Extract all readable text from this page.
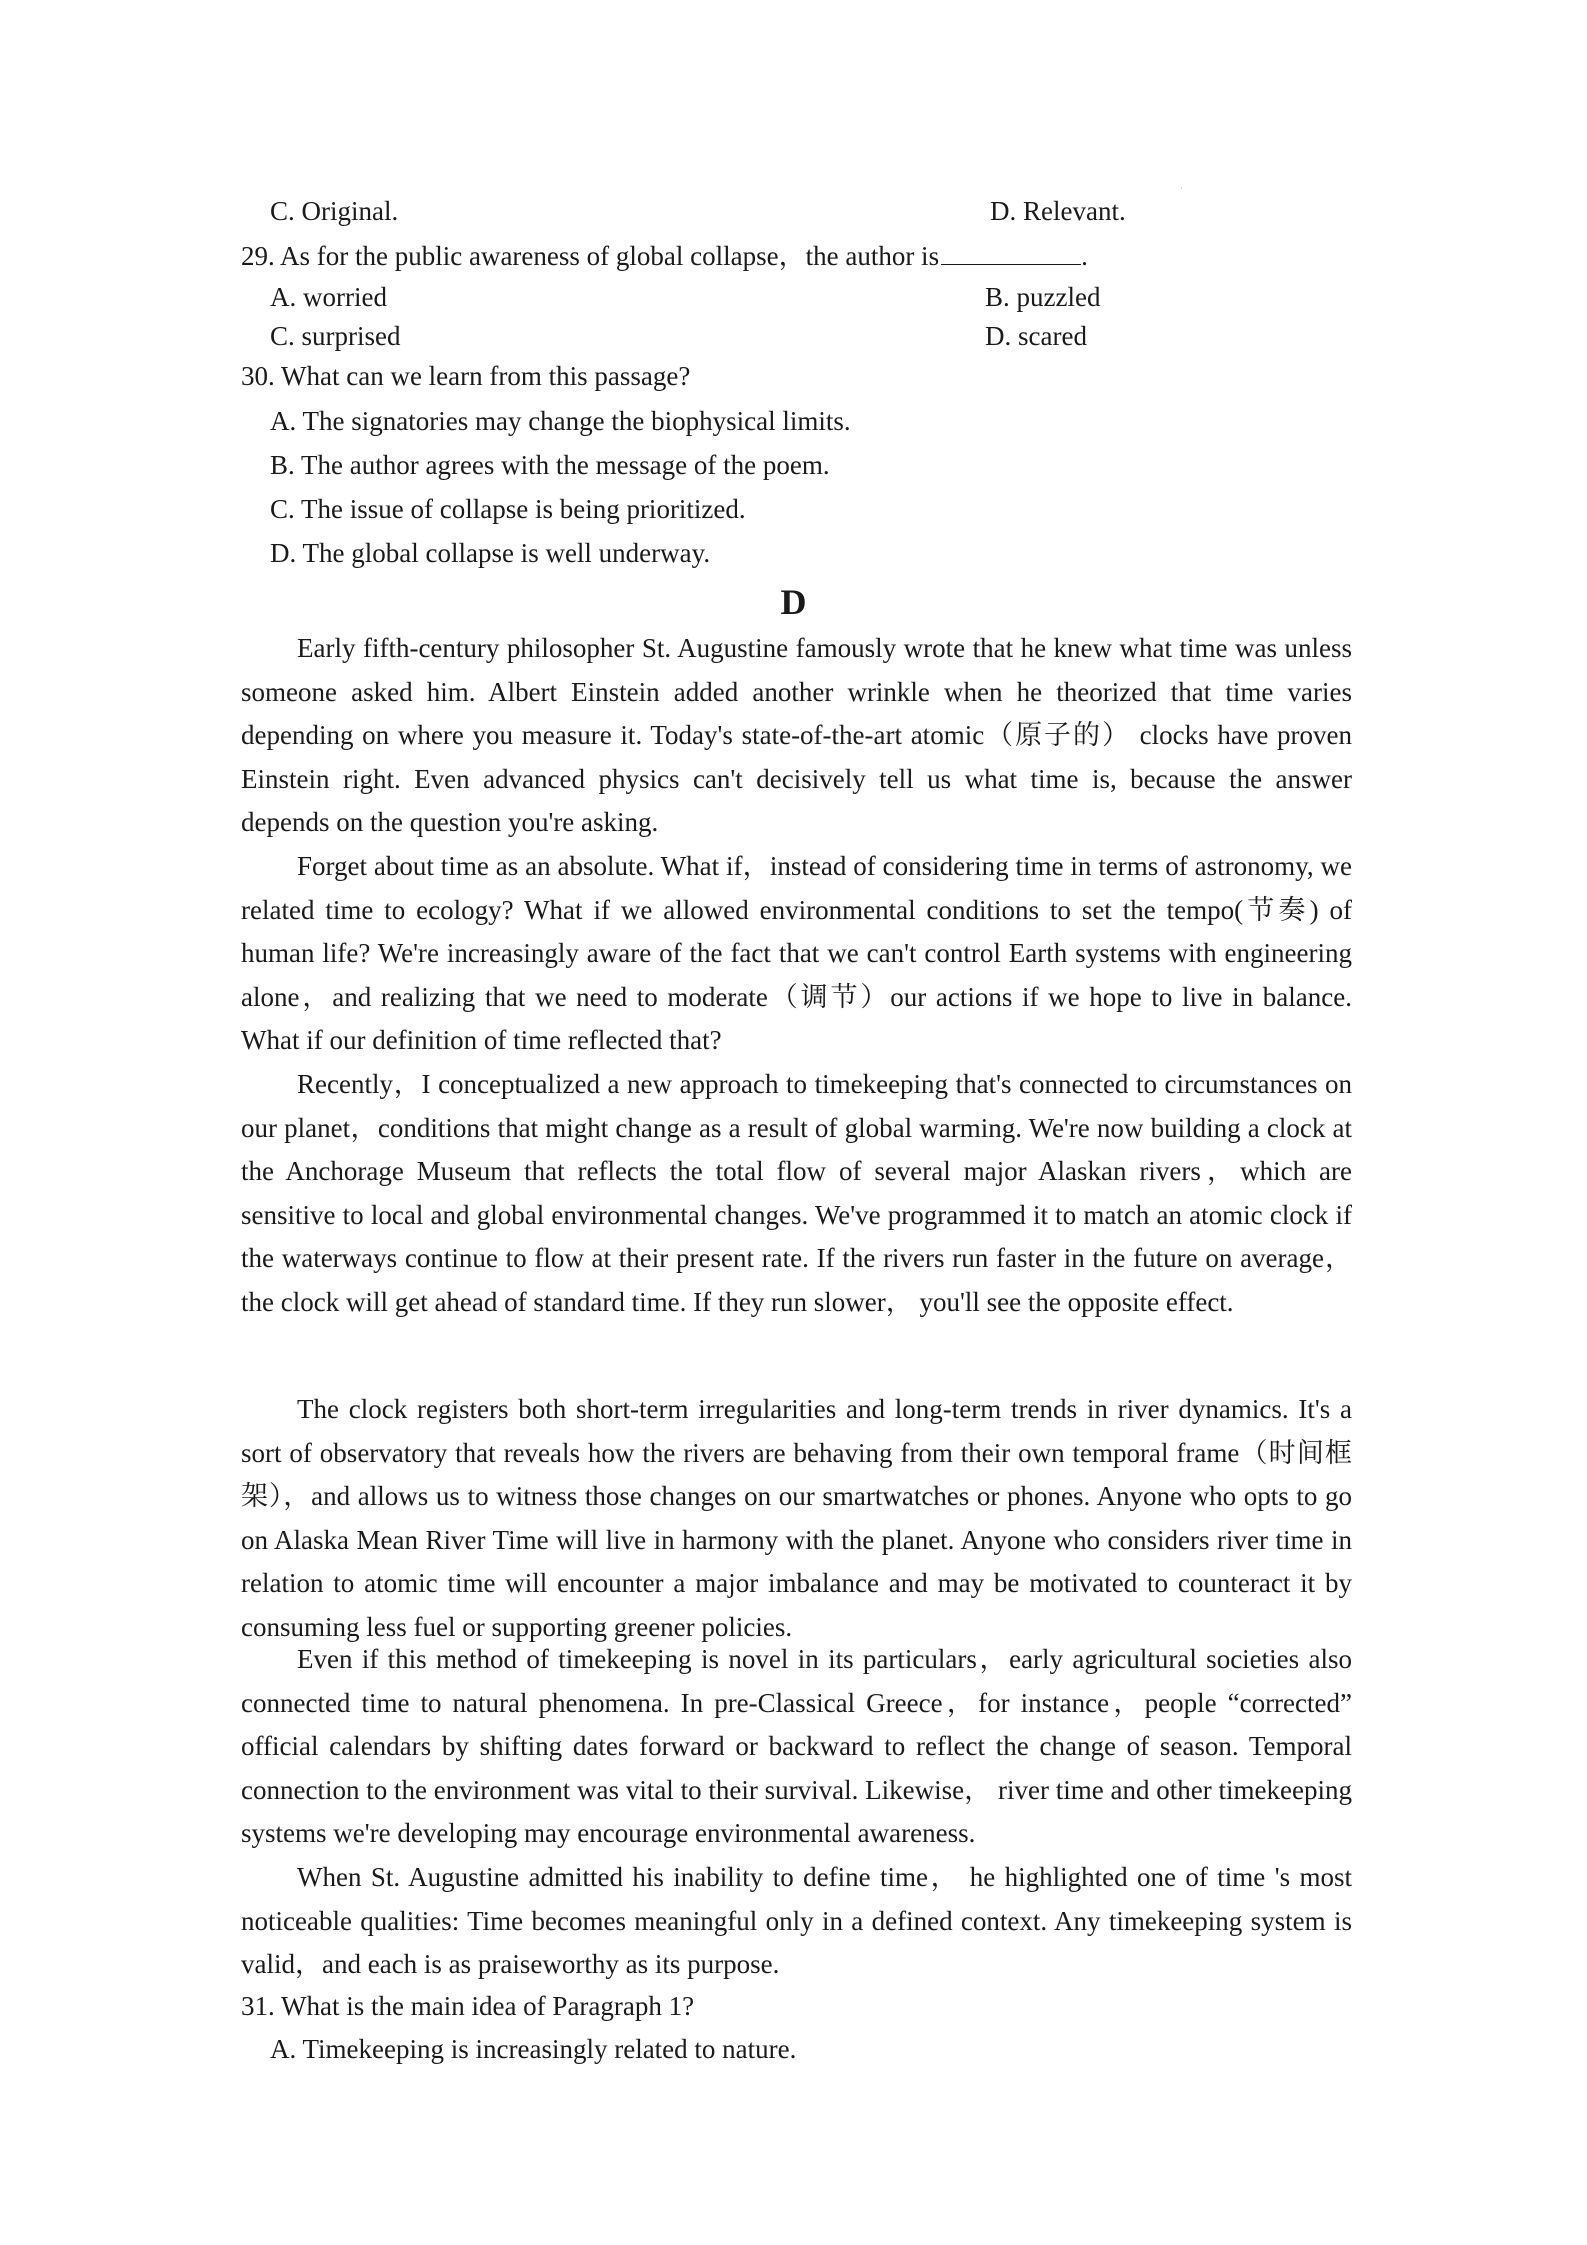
·
C. Original.	D. Relevant.
29. As for the public awareness of global collapse，the author is	.
A. worried	B. puzzled
C. surprised	D. scared
30. What can we learn from this passage?
A. The signatories may change the biophysical limits.
B. The author agrees with the message of the poem.
C. The issue of collapse is being prioritized.
D. The global collapse is well underway.
D

Early fifth-century philosopher St. Augustine famously wrote that he knew what time was unless someone asked him. Albert Einstein added another wrinkle when he theorized that time varies depending on where you measure it. Today's state-of-the-art atomic（原子的） clocks have proven Einstein right. Even advanced physics can't decisively tell us what time is, because the answer depends on the question you're asking.

Forget about time as an absolute. What if，instead of considering time in terms of astronomy, we related time to ecology? What if we allowed environmental conditions to set the tempo(节奏) of human life? We're increasingly aware of the fact that we can't control Earth systems with engineering alone，and realizing that we need to moderate（调节）our actions if we hope to live in balance. What if our definition of time reflected that?

Recently，I conceptualized a new approach to timekeeping that's connected to circumstances on our planet，conditions that might change as a result of global warming. We're now building a clock at the Anchorage Museum that reflects the total flow of several major Alaskan rivers，which are sensitive to local and global environmental changes. We've programmed it to match an atomic clock if the waterways continue to flow at their present rate. If the rivers run faster in the future on average， the clock will get ahead of standard time. If they run slower， you'll see the opposite effect.

The clock registers both short-term irregularities and long-term trends in river dynamics. It's a sort of observatory that reveals how the rivers are behaving from their own temporal frame（时间框架），and allows us to witness those changes on our smartwatches or phones. Anyone who opts to go on Alaska Mean River Time will live in harmony with the planet. Anyone who considers river time in relation to atomic time will encounter a major imbalance and may be motivated to counteract it by consuming less fuel or supporting greener policies.

Even if this method of timekeeping is novel in its particulars，early agricultural societies also connected time to natural phenomena. In pre-Classical Greece，for instance，people “corrected” official calendars by shifting dates forward or backward to reflect the change of season. Temporal connection to the environment was vital to their survival. Likewise， river time and other timekeeping systems we're developing may encourage environmental awareness.

When St. Augustine admitted his inability to define time， he highlighted one of time 's most noticeable qualities: Time becomes meaningful only in a defined context. Any timekeeping system is valid，and each is as praiseworthy as its purpose.

31. What is the main idea of Paragraph 1?
A. Timekeeping is increasingly related to nature.
